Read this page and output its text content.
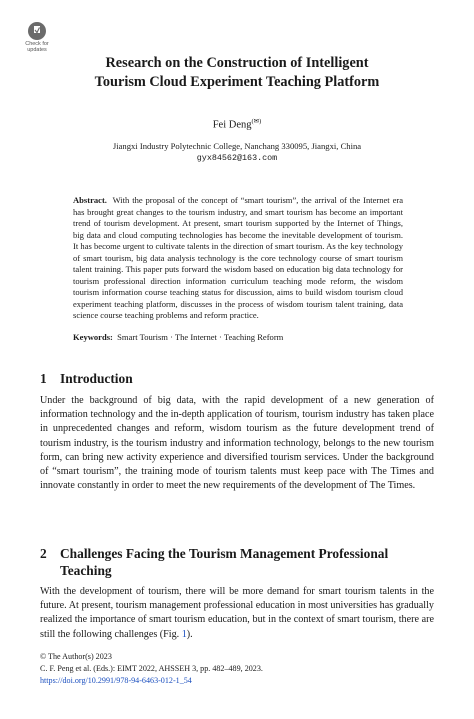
Check for
updates
Research on the Construction of Intelligent
Tourism Cloud Experiment Teaching Platform
Fei Deng(✉)
Jiangxi Industry Polytechnic College, Nanchang 330095, Jiangxi, China
gyx84562@163.com
Abstract. With the proposal of the concept of “smart tourism”, the arrival of the Internet era has brought great changes to the tourism industry, and smart tourism has become an important trend of tourism development. At present, smart tourism supported by the Internet of Things, big data and cloud computing technologies has become the inevitable development of tourism. It has become urgent to cultivate talents in the direction of smart tourism. As the key technology of smart tourism, big data analysis technology is the core technology course of smart tourism talent training. This paper puts forward the wisdom based on education big data technology for tourism professional direction information curriculum teaching mode reform, the wisdom tourism information course teaching status for discussion, aims to build wisdom tourism cloud experiment teaching platform, discusses in the process of wisdom tourism talent training, data science course teaching problems and reform practice.
Keywords: Smart Tourism · The Internet · Teaching Reform
1 Introduction
Under the background of big data, with the rapid development of a new generation of information technology and the in-depth application of tourism, tourism industry has taken place in unprecedented changes and reform, wisdom tourism as the future development trend of tourism industry, is the tourism industry and information technology, belongs to the new tourism form, can bring new activity experience and diversified tourism services. Under the background of “smart tourism”, the training mode of tourism talents must keep pace with The Times and innovate constantly in order to meet the new requirements of the development of The Times.
2 Challenges Facing the Tourism Management Professional
Teaching
With the development of tourism, there will be more demand for smart tourism talents in the future. At present, tourism management professional education in most universities has gradually realized the importance of smart tourism education, but in the context of smart tourism, there are still the following challenges (Fig. 1).
© The Author(s) 2023
C. F. Peng et al. (Eds.): EIMT 2022, AHSSEH 3, pp. 482–489, 2023.
https://doi.org/10.2991/978-94-6463-012-1_54
